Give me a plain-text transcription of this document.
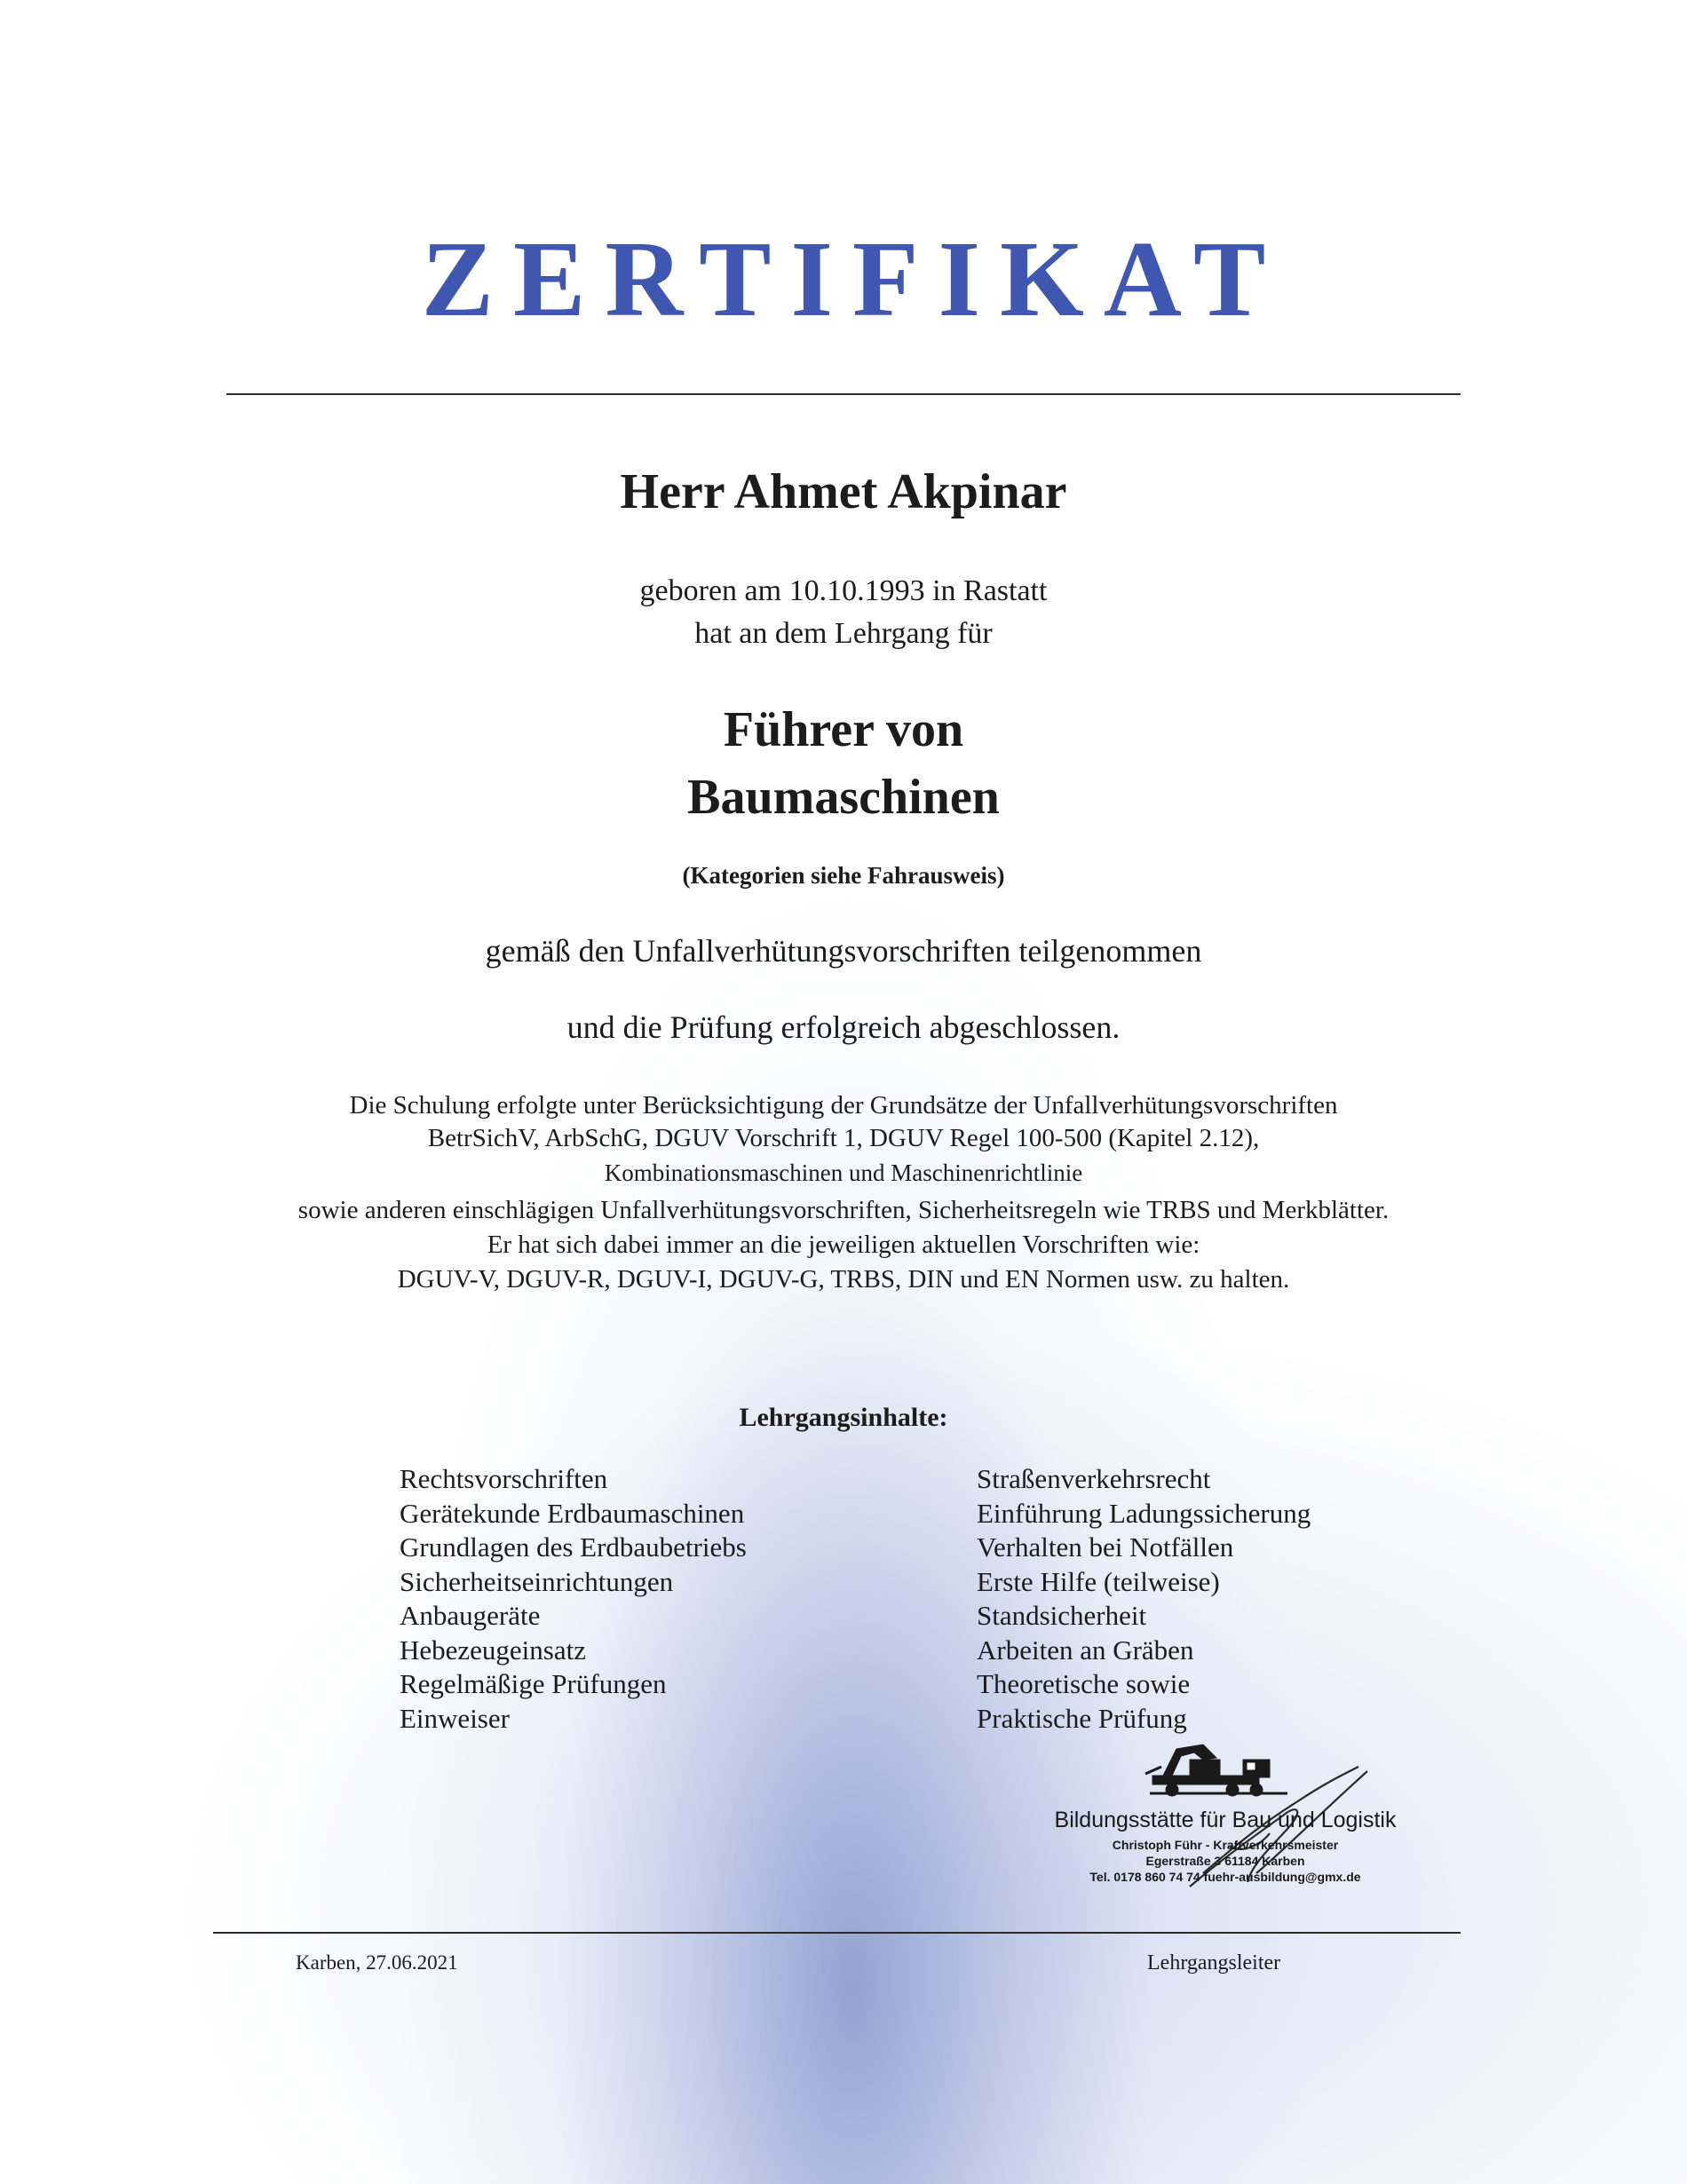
ZERTIFIKAT
Herr Ahmet Akpinar
geboren am 10.10.1993 in Rastatt
hat an dem Lehrgang für
Führer von
Baumaschinen
(Kategorien siehe Fahrausweis)
gemäß den Unfallverhütungsvorschriften teilgenommen
und die Prüfung erfolgreich abgeschlossen.
Die Schulung erfolgte unter Berücksichtigung der Grundsätze der Unfallverhütungsvorschriften
BetrSichV, ArbSchG, DGUV Vorschrift 1, DGUV Regel 100-500 (Kapitel 2.12),
Kombinationsmaschinen und Maschinenrichtlinie
sowie anderen einschlägigen Unfallverhütungsvorschriften, Sicherheitsregeln wie TRBS und Merkblätter.
Er hat sich dabei immer an die jeweiligen aktuellen Vorschriften wie:
DGUV-V, DGUV-R, DGUV-I, DGUV-G, TRBS, DIN und EN Normen usw. zu halten.
Lehrgangsinhalte:
Rechtsvorschriften
Gerätekunde Erdbaumaschinen
Grundlagen des Erdbaubetriebs
Sicherheitseinrichtungen
Anbaugeräte
Hebezeugeinsatz
Regelmäßige Prüfungen
Einweiser
Straßenverkehrsrecht
Einführung Ladungssicherung
Verhalten bei Notfällen
Erste Hilfe (teilweise)
Standsicherheit
Arbeiten an Gräben
Theoretische sowie
Praktische Prüfung
Bildungsstätte für Bau und Logistik
Christoph Führ - Kraftverkehrsmeister
Egerstraße 3 61184 Karben
Tel. 0178 860 74 74 fuehr-ausbildung@gmx.de
Karben, 27.06.2021	Lehrgangsleiter
